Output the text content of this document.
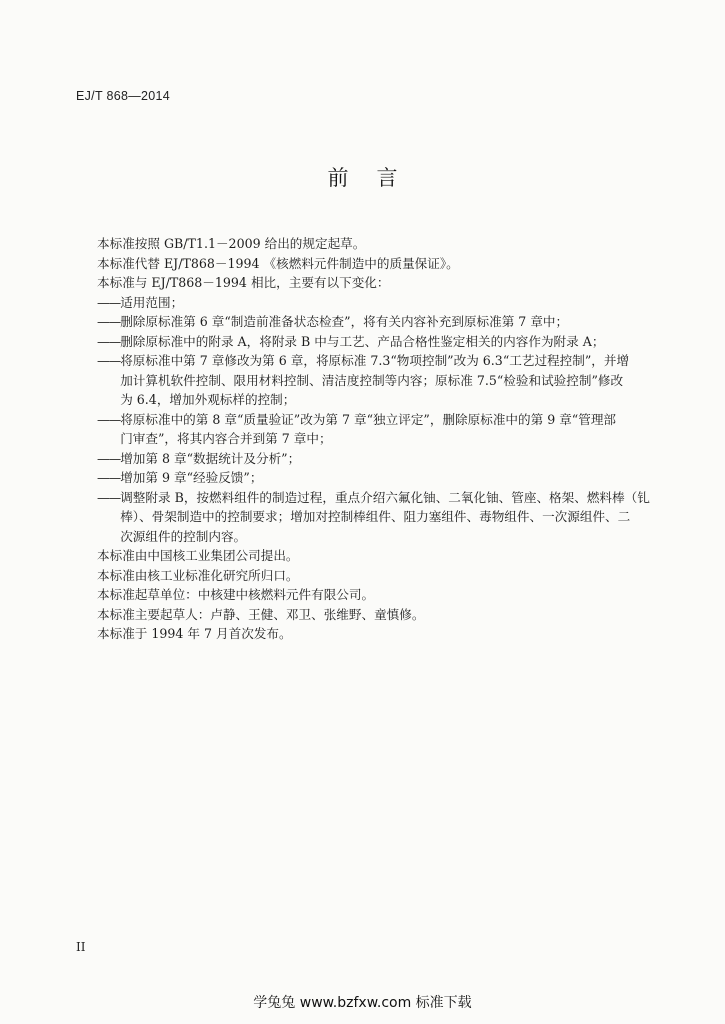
EJ/T 868—2014
前言
本标准按照 GB/T1.1－2009 给出的规定起草。
本标准代替 EJ/T868－1994 《核燃料元件制造中的质量保证》。
本标准与 EJ/T868－1994 相比，主要有以下变化：
—— 适用范围；
—— 删除原标准第 6 章“制造前准备状态检查”，将有关内容补充到原标准第 7 章中；
—— 删除原标准中的附录 A，将附录 B 中与工艺、产品合格性鉴定相关的内容作为附录 A；
—— 将原标准中第 7 章修改为第 6 章，将原标准 7.3“物项控制”改为 6.3“工艺过程控制”，并增
加计算机软件控制、限用材料控制、清洁度控制等内容；原标准 7.5“检验和试验控制”修改
为 6.4，增加外观标样的控制；
—— 将原标准中的第 8 章“质量验证”改为第 7 章“独立评定”，删除原标准中的第 9 章“管理部
门审查”，将其内容合并到第 7 章中；
—— 增加第 8 章“数据统计及分析”；
—— 增加第 9 章“经验反馈”；
—— 调整附录 B，按燃料组件的制造过程，重点介绍六氟化铀、二氧化铀、管座、格架、燃料棒（钆
棒）、骨架制造中的控制要求；增加对控制棒组件、阻力塞组件、毒物组件、一次源组件、二
次源组件的控制内容。
本标准由中国核工业集团公司提出。
本标准由核工业标准化研究所归口。
本标准起草单位：中核建中核燃料元件有限公司。
本标准主要起草人：卢静、王健、邓卫、张维野、童慎修。
本标准于 1994 年 7 月首次发布。
II
学兔兔 www.bzfxw.com 标准下载
